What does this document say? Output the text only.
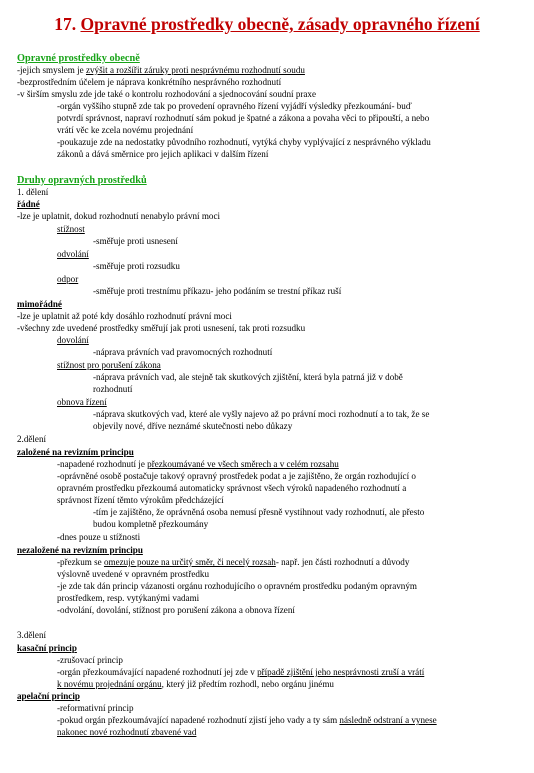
17. Opravné prostředky obecně, zásady opravného řízení
Opravné prostředky obecně
-jejich smyslem je zvýšit a rozšířit záruky proti nesprávnému rozhodnutí soudu
-bezprostředním účelem je náprava konkrétního nesprávného rozhodnutí
-v širším smyslu zde jde také o kontrolu rozhodování a sjednocování soudní praxe
-orgán vyššího stupně zde tak po provedení opravného řízení vyjádří výsledky přezkoumání- buď
potvrdí správnost, napraví rozhodnutí sám pokud je špatné a zákona a povaha věci to připouští, a nebo
vrátí věc ke zcela novému projednání
-poukazuje zde na nedostatky původního rozhodnutí, vytýká chyby vyplývající z nesprávného výkladu
zákonů a dává směrnice pro jejich aplikaci v dalším řízení
Druhy opravných prostředků
1. dělení
řádné
-lze je uplatnit, dokud rozhodnutí nenabylo právní moci
stížnost
-směřuje proti usnesení
odvolání
-směřuje proti rozsudku
odpor
-směřuje proti trestnímu příkazu- jeho podáním se trestní příkaz ruší
mimořádné
-lze je uplatnit až poté kdy dosáhlo rozhodnutí právní moci
-všechny zde uvedené prostředky směřují jak proti usnesení, tak proti rozsudku
dovolání
-náprava právních vad pravomocných rozhodnutí
stížnost pro porušení zákona
-náprava právních vad, ale stejně tak skutkových zjištění, která byla patrná již v době
rozhodnutí
obnova řízení
-náprava skutkových vad, které ale vyšly najevo až po právní moci rozhodnutí a to tak, že se
objevily nové, dříve neznámé skutečnosti nebo důkazy
2.dělení
založené na revizním principu
-napadené rozhodnutí je přezkoumávané ve všech směrech a v celém rozsahu
-oprávněné osobě postačuje takový opravný prostředek podat a je zajištěno, že orgán rozhodující o
opravném prostředku přezkoumá automaticky správnost všech výroků napadeného rozhodnutí a
správnost řízení těmto výrokům předcházející
-tím je zajištěno, že oprávněná osoba nemusí přesně vystihnout vady rozhodnutí, ale přesto
budou kompletně přezkoumány
-dnes pouze u stížnosti
nezaložené na revizním principu
-přezkum se omezuje pouze na určitý směr, či necelý rozsah- např. jen části rozhodnutí a důvody
výslovně uvedené v opravném prostředku
-je zde tak dán princip vázanosti orgánu rozhodujícího o opravném prostředku podaným opravným
prostředkem, resp. vytýkanými vadami
-odvolání, dovolání, stížnost pro porušení zákona a obnova řízení
3.dělení
kasační princip
-zrušovací princip
-orgán přezkoumávající napadené rozhodnutí jej zde v případě zjištění jeho nesprávnosti zruší a vrátí
k novému projednání orgánu, který již předtím rozhodl, nebo orgánu jinému
apelační princip
-reformativní princip
-pokud orgán přezkoumávající napadené rozhodnutí zjistí jeho vady a ty sám následně odstraní a vynese
nakonec nové rozhodnutí zbavené vad
